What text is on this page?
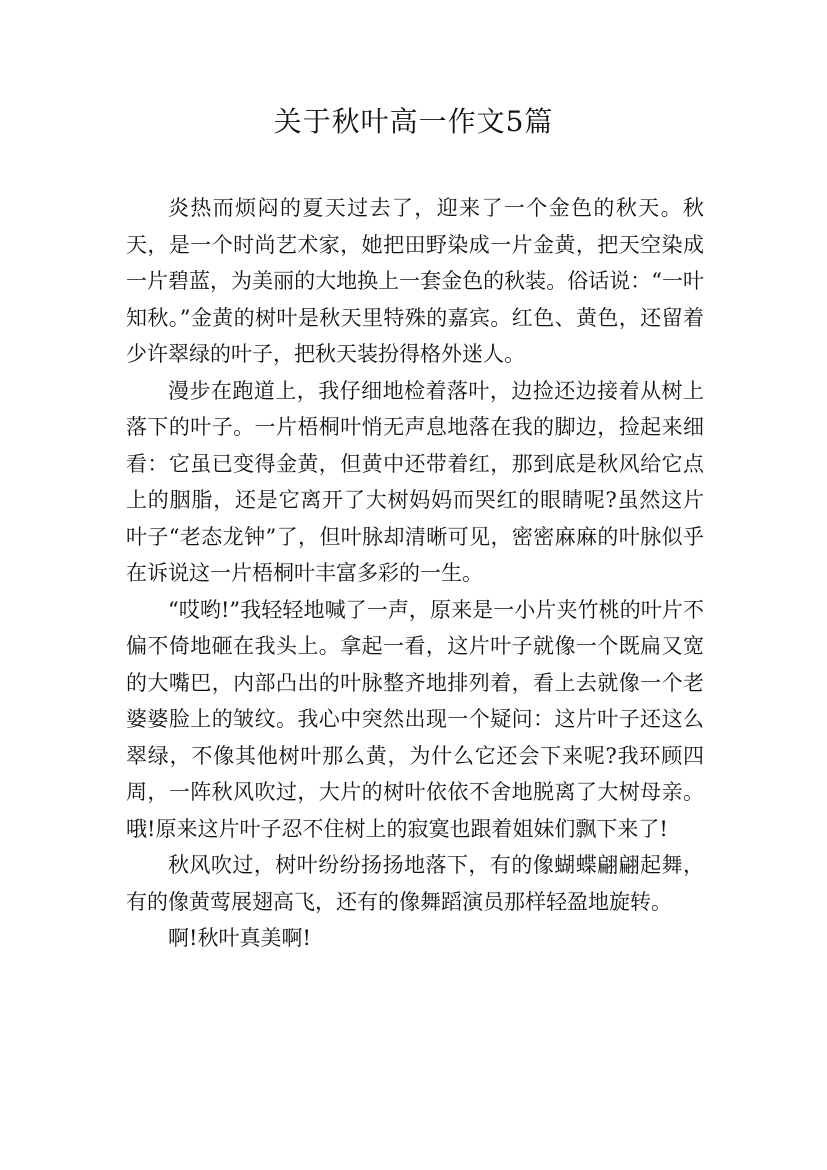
关于秋叶高一作文5篇

炎热而烦闷的夏天过去了，迎来了一个金色的秋天。秋天，是一个时尚艺术家，她把田野染成一片金黄，把天空染成一片碧蓝，为美丽的大地换上一套金色的秋装。俗话说：“一叶知秋。”金黄的树叶是秋天里特殊的嘉宾。红色、黄色，还留着少许翠绿的叶子，把秋天装扮得格外迷人。

漫步在跑道上，我仔细地检着落叶，边捡还边接着从树上落下的叶子。一片梧桐叶悄无声息地落在我的脚边，捡起来细看：它虽已变得金黄，但黄中还带着红，那到底是秋风给它点上的胭脂，还是它离开了大树妈妈而哭红的眼睛呢?虽然这片叶子“老态龙钟”了，但叶脉却清晰可见，密密麻麻的叶脉似乎在诉说这一片梧桐叶丰富多彩的一生。

“哎哟!”我轻轻地喊了一声，原来是一小片夹竹桃的叶片不偏不倚地砸在我头上。拿起一看，这片叶子就像一个既扁又宽的大嘴巴，内部凸出的叶脉整齐地排列着，看上去就像一个老婆婆脸上的皱纹。我心中突然出现一个疑问：这片叶子还这么翠绿，不像其他树叶那么黄，为什么它还会下来呢?我环顾四周，一阵秋风吹过，大片的树叶依依不舍地脱离了大树母亲。哦!原来这片叶子忍不住树上的寂寞也跟着姐妹们飘下来了!

秋风吹过，树叶纷纷扬扬地落下，有的像蝴蝶翩翩起舞，有的像黄莺展翅高飞，还有的像舞蹈演员那样轻盈地旋转。

啊!秋叶真美啊!
